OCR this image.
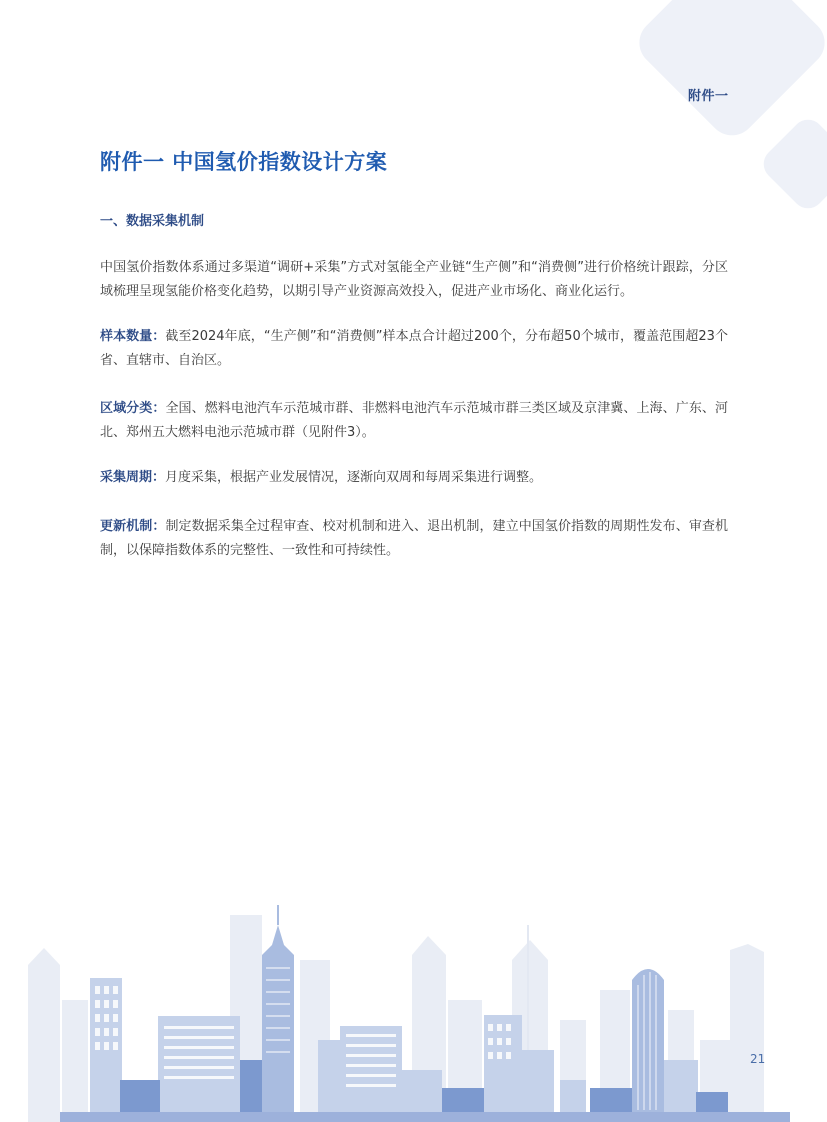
附件一
附件一 中国氢价指数设计方案
一、数据采集机制

中国氢价指数体系通过多渠道“调研+采集”方式对氢能全产业链“生产侧”和“消费侧”进行价格统计跟踪，分区域梳理呈现氢能价格变化趋势，以期引导产业资源高效投入，促进产业市场化、商业化运行。

样本数量：截至2024年底，“生产侧”和“消费侧”样本点合计超过200个，分布超50个城市，覆盖范围超23个省、直辖市、自治区。

区域分类：全国、燃料电池汽车示范城市群、非燃料电池汽车示范城市群三类区域及京津冀、上海、广东、河北、郑州五大燃料电池示范城市群（见附件3）。

采集周期：月度采集，根据产业发展情况，逐渐向双周和每周采集进行调整。

更新机制：制定数据采集全过程审查、校对机制和进入、退出机制，建立中国氢价指数的周期性发布、审查机制，以保障指数体系的完整性、一致性和可持续性。

21
